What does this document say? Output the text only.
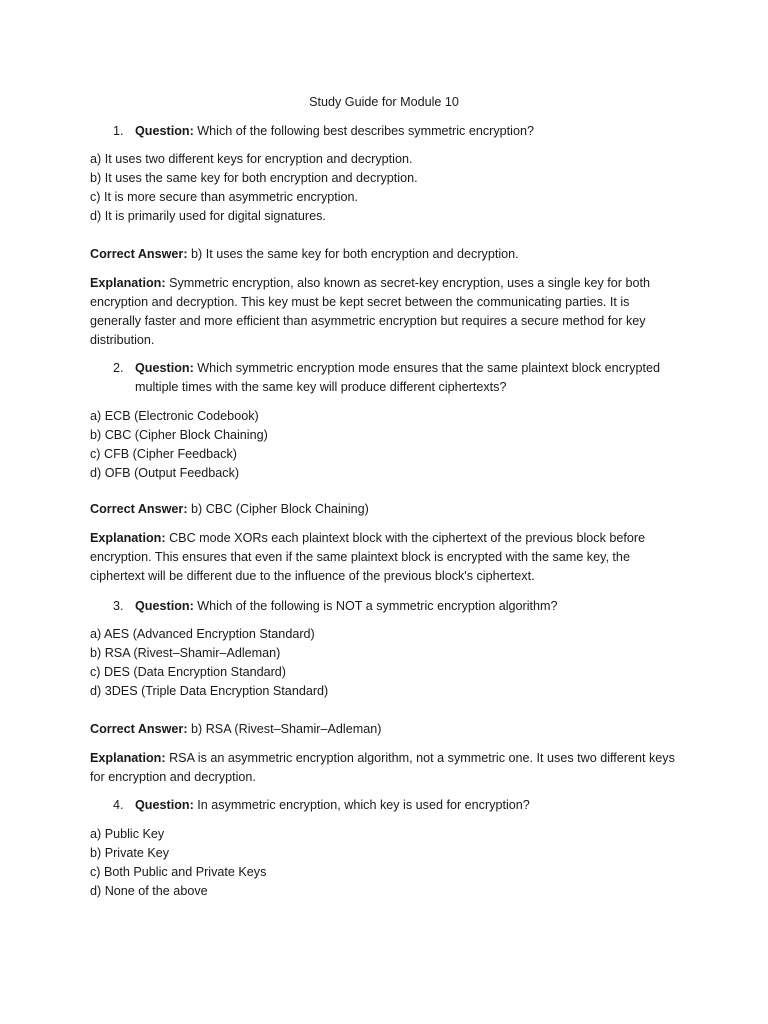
Study Guide for Module 10
1. Question: Which of the following best describes symmetric encryption?
a) It uses two different keys for encryption and decryption.
b) It uses the same key for both encryption and decryption.
c) It is more secure than asymmetric encryption.
d) It is primarily used for digital signatures.
Correct Answer: b) It uses the same key for both encryption and decryption.
Explanation: Symmetric encryption, also known as secret-key encryption, uses a single key for both encryption and decryption. This key must be kept secret between the communicating parties. It is generally faster and more efficient than asymmetric encryption but requires a secure method for key distribution.
2. Question: Which symmetric encryption mode ensures that the same plaintext block encrypted multiple times with the same key will produce different ciphertexts?
a) ECB (Electronic Codebook)
b) CBC (Cipher Block Chaining)
c) CFB (Cipher Feedback)
d) OFB (Output Feedback)
Correct Answer: b) CBC (Cipher Block Chaining)
Explanation: CBC mode XORs each plaintext block with the ciphertext of the previous block before encryption. This ensures that even if the same plaintext block is encrypted with the same key, the ciphertext will be different due to the influence of the previous block's ciphertext.
3. Question: Which of the following is NOT a symmetric encryption algorithm?
a) AES (Advanced Encryption Standard)
b) RSA (Rivest–Shamir–Adleman)
c) DES (Data Encryption Standard)
d) 3DES (Triple Data Encryption Standard)
Correct Answer: b) RSA (Rivest–Shamir–Adleman)
Explanation: RSA is an asymmetric encryption algorithm, not a symmetric one. It uses two different keys for encryption and decryption.
4. Question: In asymmetric encryption, which key is used for encryption?
a) Public Key
b) Private Key
c) Both Public and Private Keys
d) None of the above
